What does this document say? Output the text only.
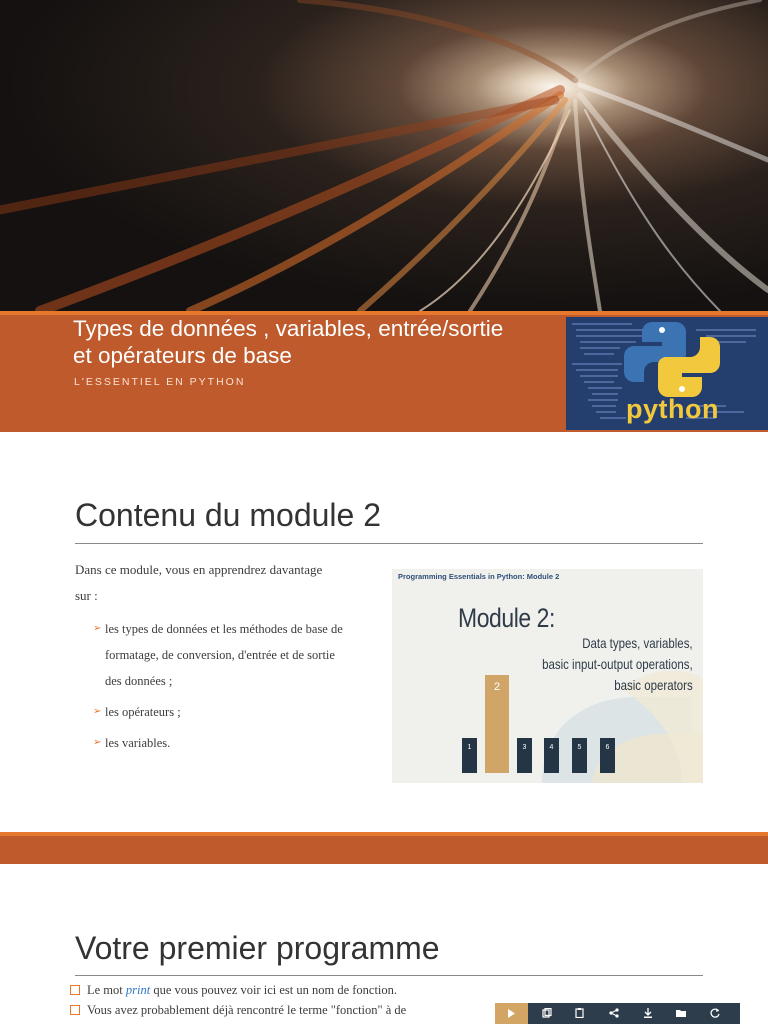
Types de données , variables, entrée/sortie
et opérateurs de base
L'ESSENTIEL EN PYTHON
python
Contenu du module 2
Dans ce module, vous en apprendrez davantage
sur :
➢ les types de données et les méthodes de base de
formatage, de conversion, d'entrée et de sortie
des données ;
➢ les opérateurs ;
➢ les variables.
Programming Essentials in Python: Module 2
Module 2:
Data types, variables,
basic input-output operations,
basic operators
1
2
3	4	5	6
Votre premier programme
Le mot print que vous pouvez voir ici est un nom de fonction.
Vous avez probablement déjà rencontré le terme "fonction" à de
